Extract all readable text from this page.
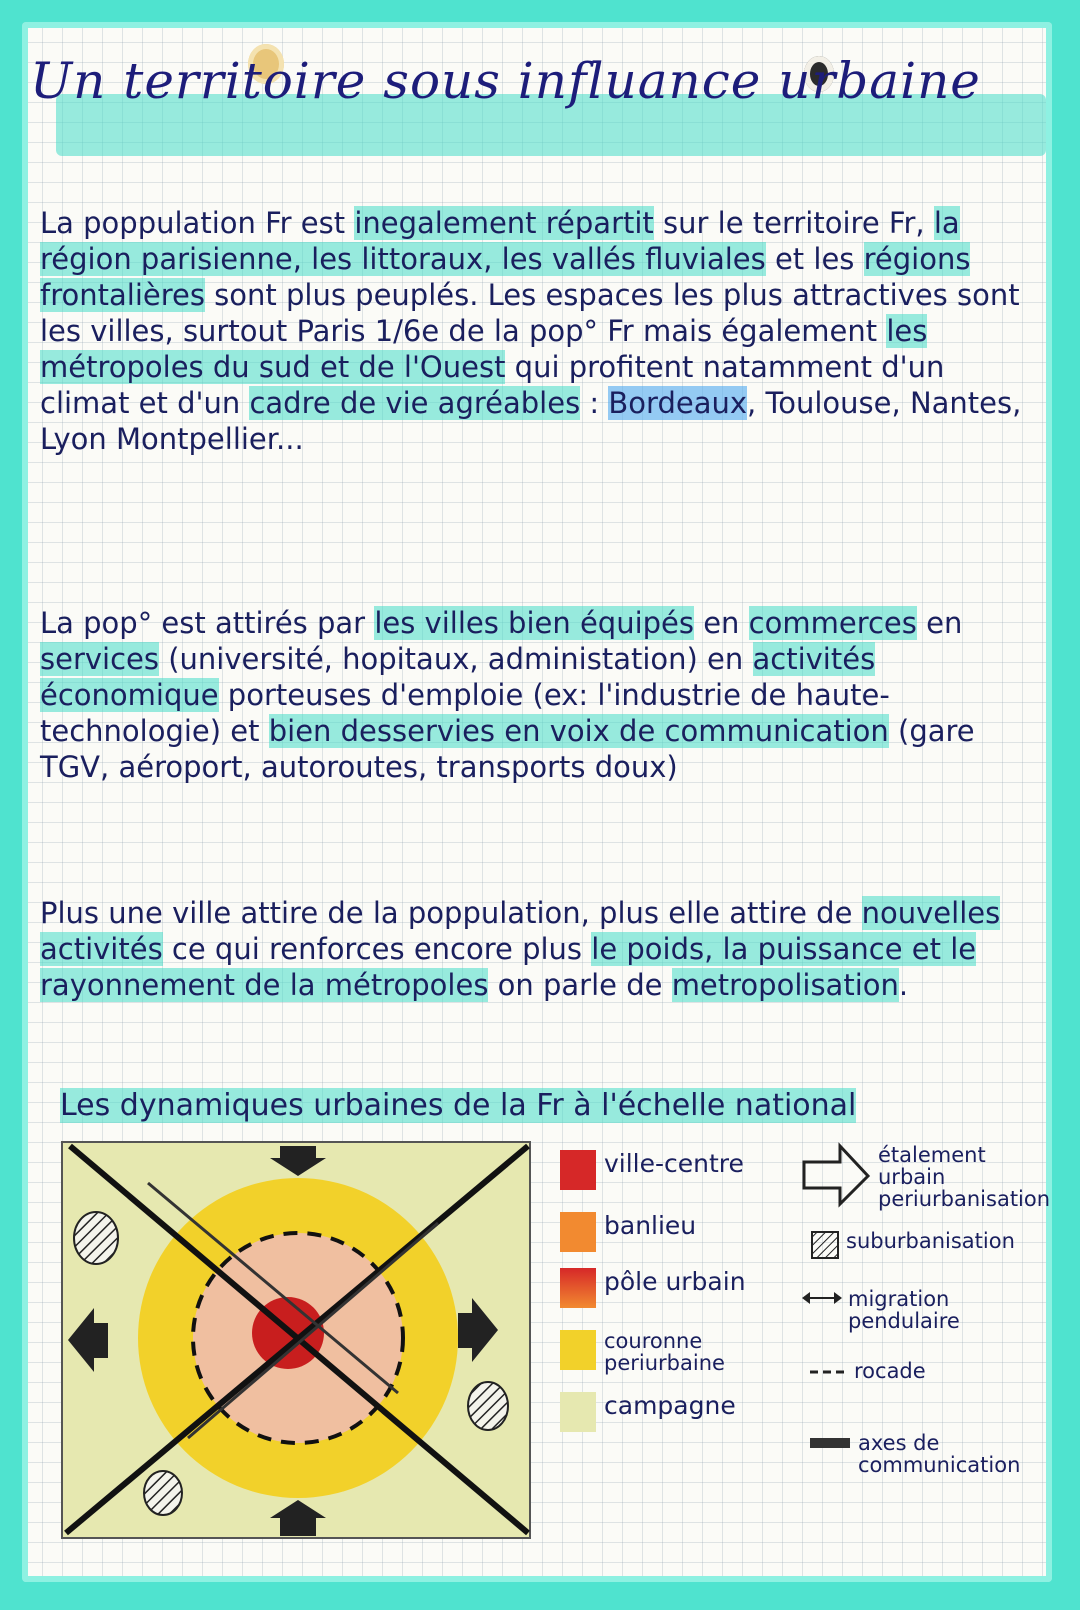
Un territoire sous influance urbaine
La poppulation Fr est inegalement répartit sur le territoire Fr, la région parisienne, les littoraux, les vallés fluviales et les régions frontalières sont plus peuplés. Les espaces les plus attractives sont les villes, surtout Paris 1/6e de la pop° Fr mais également les métropoles du sud et de l'Ouest qui profitent natamment d'un climat et d'un cadre de vie agréables : Bordeaux, Toulouse, Nantes, Lyon Montpellier...
La pop° est attirés par les villes bien équipés en commerces en services (université, hopitaux, administation) en activités économique porteuses d'emploie (ex: l'industrie de haute-technologie) et bien desservies en voix de communication (gare TGV, aéroport, autoroutes, transports doux)
Plus une ville attire de la poppulation, plus elle attire de nouvelles activités ce qui renforces encore plus le poids, la puissance et le rayonnement de la métropoles on parle de metropolisation.
Les dynamiques urbaines de la Fr à l'échelle national
ville-centre
banlieu
pôle urbain
couronne periurbaine
campagne
étalement urbain periurbanisation
suburbanisation
migration pendulaire
rocade
axes de communication
